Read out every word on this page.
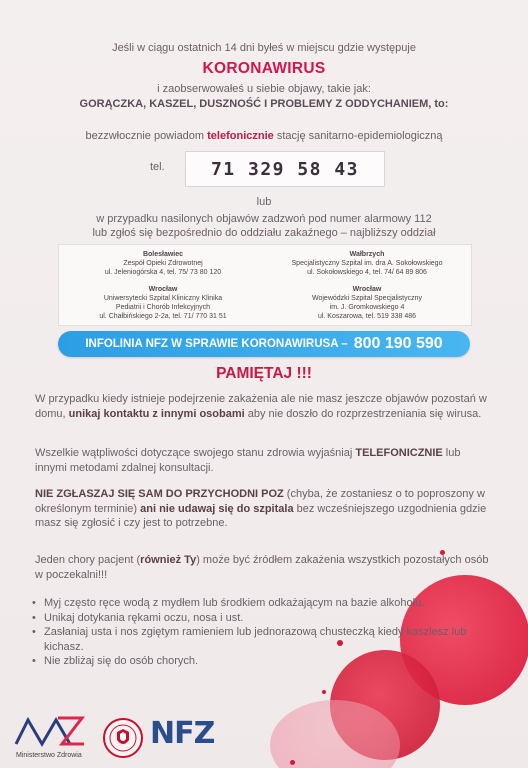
Jeśli w ciągu ostatnich 14 dni byłeś w miejscu gdzie występuje
KORONAWIRUS
i zaobserwowałeś u siebie objawy, takie jak:
GORĄCZKA, KASZEL, DUSZNOŚĆ I PROBLEMY Z ODDYCHANIEM, to:
bezzwłocznie powiadom telefonicznie stację sanitarno-epidemiologiczną
tel.	71 329 58 43
lub
w przypadku nasilonych objawów zadzwoń pod numer alarmowy 112
lub zgłoś się bezpośrednio do oddziału zakaźnego – najbliższy oddział
Bolesławiec
Zespół Opieki Zdrowotnej
ul. Jeleniogórska 4, tel. 75/ 73 80 120
Wałbrzych
Specjalistyczny Szpital im. dra A. Sokołowskiego
ul. Sokołowskiego 4, tel. 74/ 64 89 806
Wrocław
Uniwersytecki Szpital Kliniczny Klinika
Pediatrii i Chorób Infekcyjnych
ul. Chałbińskiego 2-2a, tel. 71/ 770 31 51
Wrocław
Wojewódzki Szpital Specjalistyczny
im. J. Gromkowskiego 4
ul. Koszarowa, tel. 519 338 486
INFOLINIA NFZ W SPRAWIE KORONAWIRUSA – 800 190 590
PAMIĘTAJ !!!
W przypadku kiedy istnieje podejrzenie zakażenia ale nie masz jeszcze objawów pozostań w domu, unikaj kontaktu z innymi osobami aby nie doszło do rozprzestrzeniania się wirusa.
Wszelkie wątpliwości dotyczące swojego stanu zdrowia wyjaśniaj TELEFONICZNIE lub innymi metodami zdalnej konsultacji.
NIE ZGŁASZAJ SIĘ SAM DO PRZYCHODNI POZ (chyba, że zostaniesz o to poproszony w określonym terminie) ani nie udawaj się do szpitala bez wcześniejszego uzgodnienia gdzie masz się zgłosić i czy jest to potrzebne.
Jeden chory pacjent (również Ty) może być źródłem zakażenia wszystkich pozostałych osób w poczekalni!!!
• Myj często ręce wodą z mydłem lub środkiem odkażającym na bazie alkoholu.
• Unikaj dotykania rękami oczu, nosa i ust.
• Zasłaniaj usta i nos zgiętym ramieniem lub jednorazową chusteczką kiedy kaszlesz lub kichasz.
• Nie zbliżaj się do osób chorych.
Ministerstwo Zdrowia
NFZ
